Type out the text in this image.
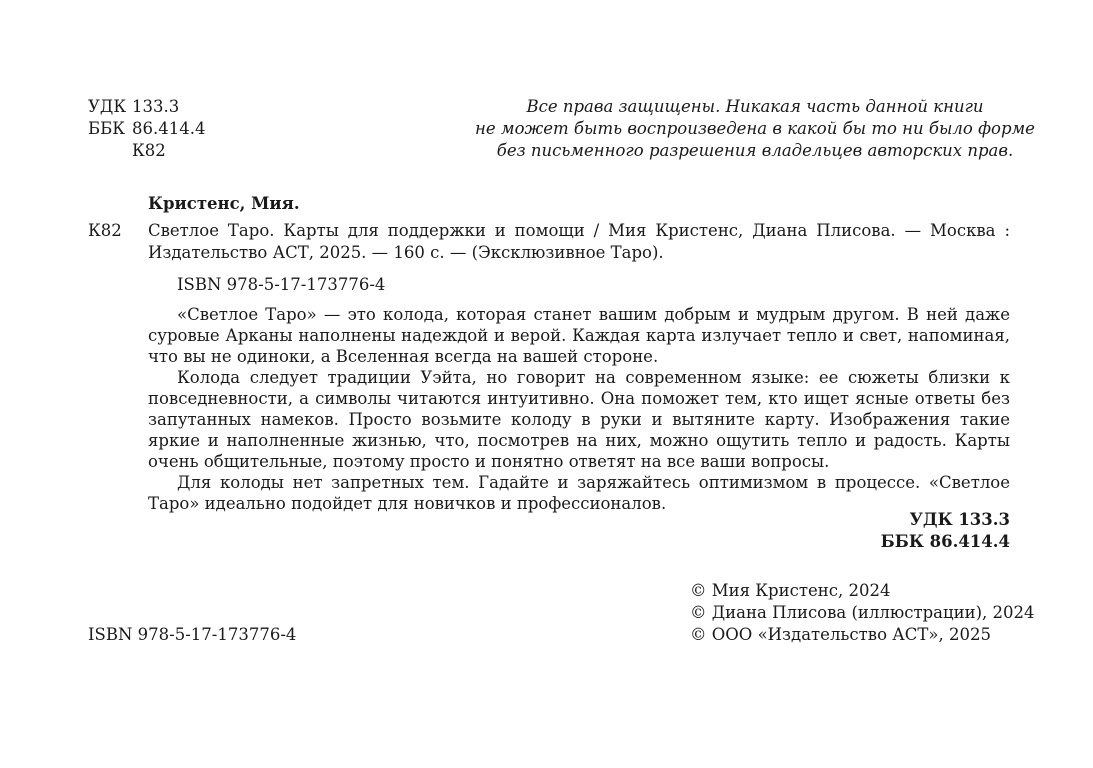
УДК 133.3
ББК 86.414.4
К82
Все права защищены. Никакая часть данной книги
не может быть воспроизведена в какой бы то ни было форме
без письменного разрешения владельцев авторских прав.
Кристенс, Мия.
К82 Светлое Таро. Карты для поддержки и помощи / Мия Кристенс, Диана Плисова. — Москва : Издательство АСТ, 2025. — 160 с. — (Эксклюзивное Таро).
ISBN 978-5-17-173776-4

«Светлое Таро» — это колода, которая станет вашим добрым и мудрым другом. В ней даже суровые Арканы наполнены надеждой и верой. Каждая карта излучает тепло и свет, напоминая, что вы не одиноки, а Вселенная всегда на вашей стороне.

Колода следует традиции Уэйта, но говорит на современном языке: ее сюжеты близки к повседневности, а символы читаются интуитивно. Она поможет тем, кто ищет ясные ответы без запутанных намеков. Просто возьмите колоду в руки и вытяните карту. Изображения такие яркие и наполненные жизнью, что, посмотрев на них, можно ощутить тепло и радость. Карты очень общительные, поэтому просто и понятно ответят на все ваши вопросы.

Для колоды нет запретных тем. Гадайте и заряжайтесь оптимизмом в процессе. «Светлое Таро» идеально подойдет для новичков и профессионалов.

УДК 133.3
ББК 86.414.4
© Мия Кристенс, 2024
© Диана Плисова (иллюстрации), 2024
© ООО «Издательство АСТ», 2025
ISBN 978-5-17-173776-4
